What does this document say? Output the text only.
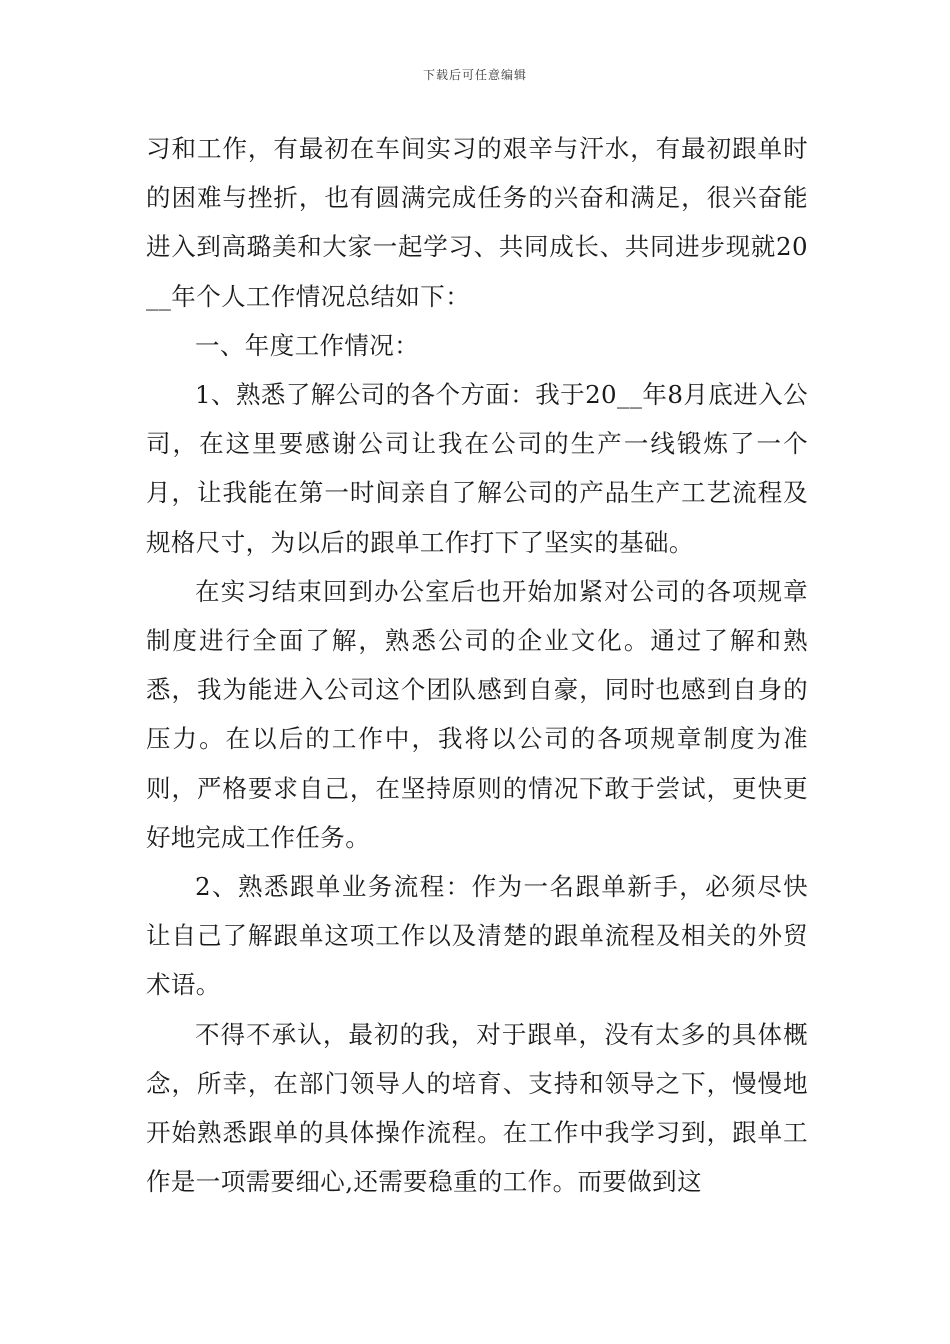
下载后可任意编辑

习和工作，有最初在车间实习的艰辛与汗水，有最初跟单时的困难与挫折，也有圆满完成任务的兴奋和满足，很兴奋能进入到高璐美和大家一起学习、共同成长、共同进步现就20__年个人工作情况总结如下：

一、年度工作情况：

1、熟悉了解公司的各个方面：我于20__年8月底进入公司，在这里要感谢公司让我在公司的生产一线锻炼了一个月，让我能在第一时间亲自了解公司的产品生产工艺流程及规格尺寸，为以后的跟单工作打下了坚实的基础。

在实习结束回到办公室后也开始加紧对公司的各项规章制度进行全面了解，熟悉公司的企业文化。通过了解和熟悉，我为能进入公司这个团队感到自豪，同时也感到自身的压力。在以后的工作中，我将以公司的各项规章制度为准则，严格要求自己，在坚持原则的情况下敢于尝试，更快更好地完成工作任务。

2、熟悉跟单业务流程：作为一名跟单新手，必须尽快让自己了解跟单这项工作以及清楚的跟单流程及相关的外贸术语。

不得不承认，最初的我，对于跟单，没有太多的具体概念，所幸，在部门领导人的培育、支持和领导之下，慢慢地开始熟悉跟单的具体操作流程。在工作中我学习到，跟单工作是一项需要细心,还需要稳重的工作。而要做到这
